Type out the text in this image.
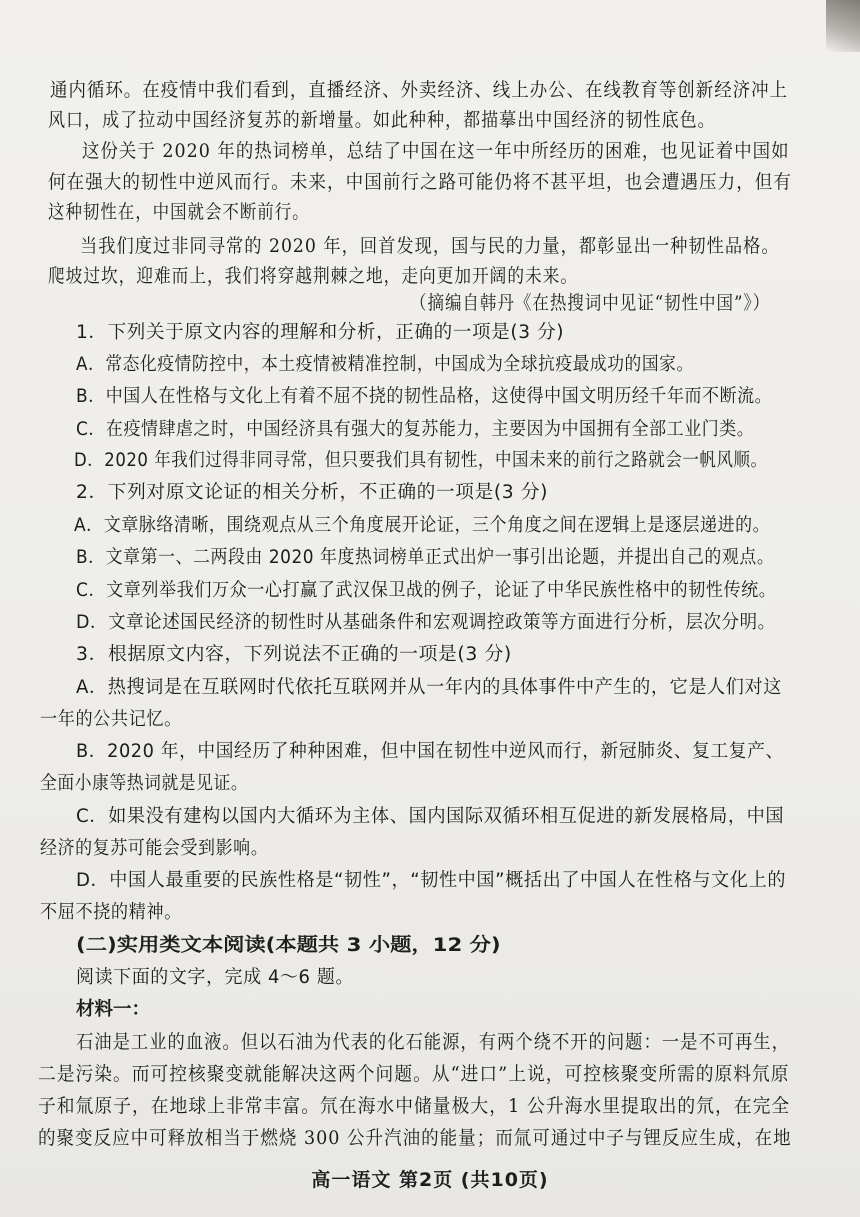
通内循环。在疫情中我们看到，直播经济、外卖经济、线上办公、在线教育等创新经济冲上
风口，成了拉动中国经济复苏的新增量。如此种种，都描摹出中国经济的韧性底色。
这份关于 2020 年的热词榜单，总结了中国在这一年中所经历的困难，也见证着中国如
何在强大的韧性中逆风而行。未来，中国前行之路可能仍将不甚平坦，也会遭遇压力，但有
这种韧性在，中国就会不断前行。
当我们度过非同寻常的 2020 年，回首发现，国与民的力量，都彰显出一种韧性品格。
爬坡过坎，迎难而上，我们将穿越荆棘之地，走向更加开阔的未来。
（摘编自韩丹《在热搜词中见证“韧性中国”》）
1．下列关于原文内容的理解和分析，正确的一项是(3 分)
A．常态化疫情防控中，本土疫情被精准控制，中国成为全球抗疫最成功的国家。
B．中国人在性格与文化上有着不屈不挠的韧性品格，这使得中国文明历经千年而不断流。
C．在疫情肆虐之时，中国经济具有强大的复苏能力，主要因为中国拥有全部工业门类。
D．2020 年我们过得非同寻常，但只要我们具有韧性，中国未来的前行之路就会一帆风顺。
2．下列对原文论证的相关分析，不正确的一项是(3 分)
A．文章脉络清晰，围绕观点从三个角度展开论证，三个角度之间在逻辑上是逐层递进的。
B．文章第一、二两段由 2020 年度热词榜单正式出炉一事引出论题，并提出自己的观点。
C．文章列举我们万众一心打赢了武汉保卫战的例子，论证了中华民族性格中的韧性传统。
D．文章论述国民经济的韧性时从基础条件和宏观调控政策等方面进行分析，层次分明。
3．根据原文内容，下列说法不正确的一项是(3 分)
A．热搜词是在互联网时代依托互联网并从一年内的具体事件中产生的，它是人们对这
一年的公共记忆。
B．2020 年，中国经历了种种困难，但中国在韧性中逆风而行，新冠肺炎、复工复产、
全面小康等热词就是见证。
C．如果没有建构以国内大循环为主体、国内国际双循环相互促进的新发展格局，中国
经济的复苏可能会受到影响。
D．中国人最重要的民族性格是“韧性”，“韧性中国”概括出了中国人在性格与文化上的
不屈不挠的精神。
(二)实用类文本阅读(本题共 3 小题，12 分)
阅读下面的文字，完成 4～6 题。
材料一：
石油是工业的血液。但以石油为代表的化石能源，有两个绕不开的问题：一是不可再生，
二是污染。而可控核聚变就能解决这两个问题。从“进口”上说，可控核聚变所需的原料氘原
子和氚原子，在地球上非常丰富。氘在海水中储量极大，1 公升海水里提取出的氘，在完全
的聚变反应中可释放相当于燃烧 300 公升汽油的能量；而氚可通过中子与锂反应生成，在地
高一语文 第2页 (共10页)
